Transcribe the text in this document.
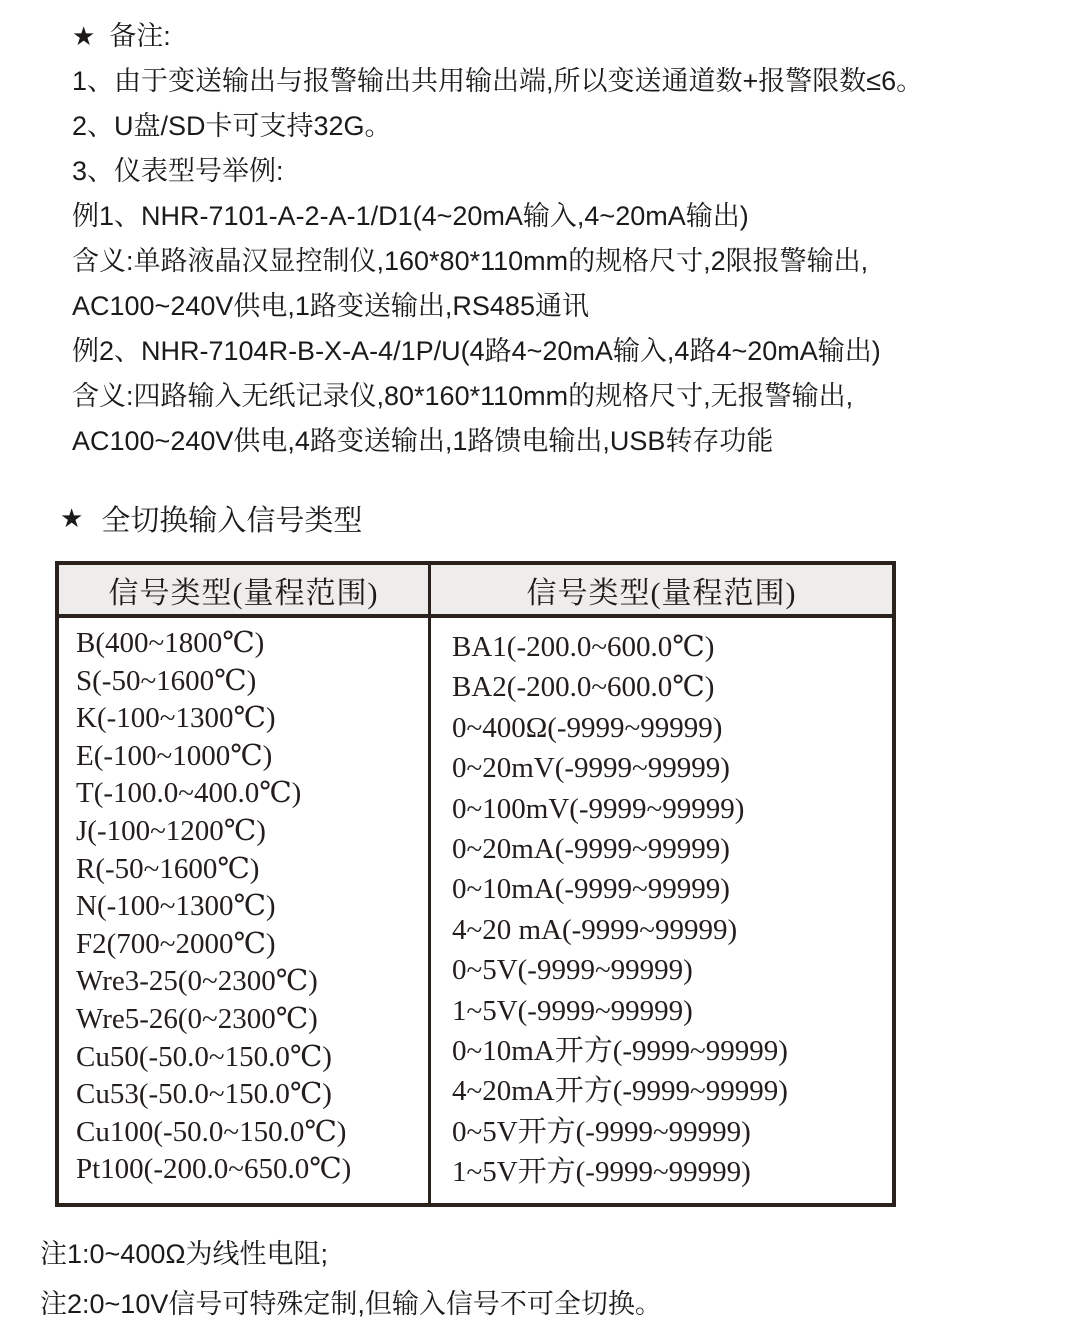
★ 备注:
1、由于变送输出与报警输出共用输出端,所以变送通道数+报警限数≤6。
2、U盘/SD卡可支持32G。
3、仪表型号举例:
例1、NHR-7101-A-2-A-1/D1(4~20mA输入,4~20mA输出)
含义:单路液晶汉显控制仪,160*80*110mm的规格尺寸,2限报警输出,
AC100~240V供电,1路变送输出,RS485通讯
例2、NHR-7104R-B-X-A-4/1P/U(4路4~20mA输入,4路4~20mA输出)
含义:四路输入无纸记录仪,80*160*110mm的规格尺寸,无报警输出,
AC100~240V供电,4路变送输出,1路馈电输出,USB转存功能
★ 全切换输入信号类型
信号类型(量程范围)	信号类型(量程范围)
B(400~1800℃)
S(-50~1600℃)
K(-100~1300℃)
E(-100~1000℃)
T(-100.0~400.0℃)
J(-100~1200℃)
R(-50~1600℃)
N(-100~1300℃)
F2(700~2000℃)
Wre3-25(0~2300℃)
Wre5-26(0~2300℃)
Cu50(-50.0~150.0℃)
Cu53(-50.0~150.0℃)
Cu100(-50.0~150.0℃)
Pt100(-200.0~650.0℃)
BA1(-200.0~600.0℃)
BA2(-200.0~600.0℃)
0~400Ω(-9999~99999)
0~20mV(-9999~99999)
0~100mV(-9999~99999)
0~20mA(-9999~99999)
0~10mA(-9999~99999)
4~20 mA(-9999~99999)
0~5V(-9999~99999)
1~5V(-9999~99999)
0~10mA开方(-9999~99999)
4~20mA开方(-9999~99999)
0~5V开方(-9999~99999)
1~5V开方(-9999~99999)
注1:0~400Ω为线性电阻;
注2:0~10V信号可特殊定制,但输入信号不可全切换。
